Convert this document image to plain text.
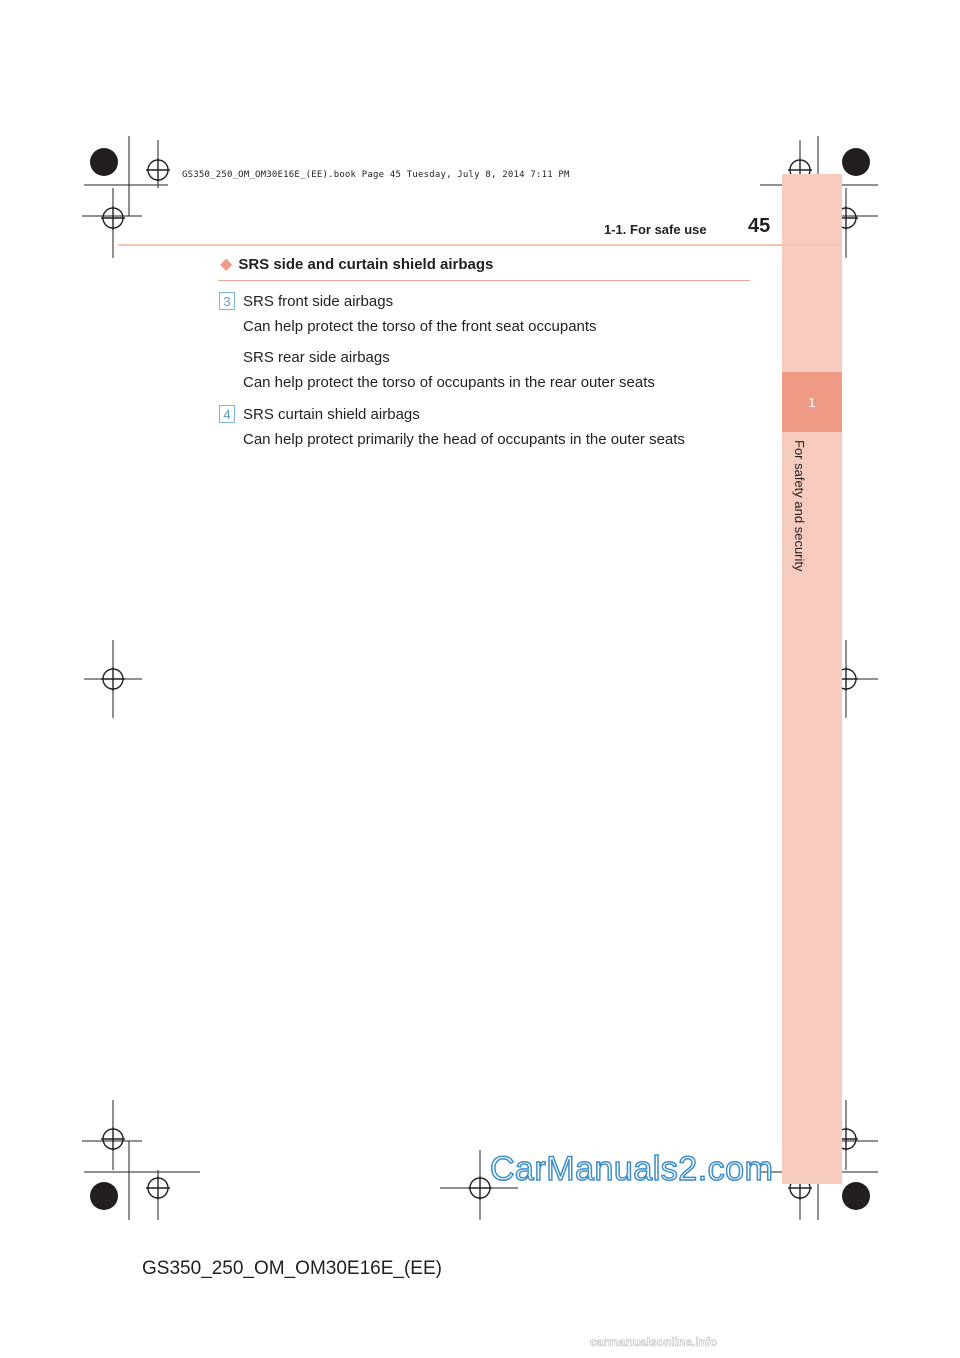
GS350_250_OM_OM30E16E_(EE).book Page 45 Tuesday, July 8, 2014 7:11 PM
1
For safety and security
1-1. For safe use 45
◆ SRS side and curtain shield airbags
3 SRS front side airbags
Can help protect the torso of the front seat occupants
SRS rear side airbags
Can help protect the torso of occupants in the rear outer seats
4 SRS curtain shield airbags
Can help protect primarily the head of occupants in the outer seats
CarManuals2.com
GS350_250_OM_OM30E16E_(EE)
carmanualsonline.info
